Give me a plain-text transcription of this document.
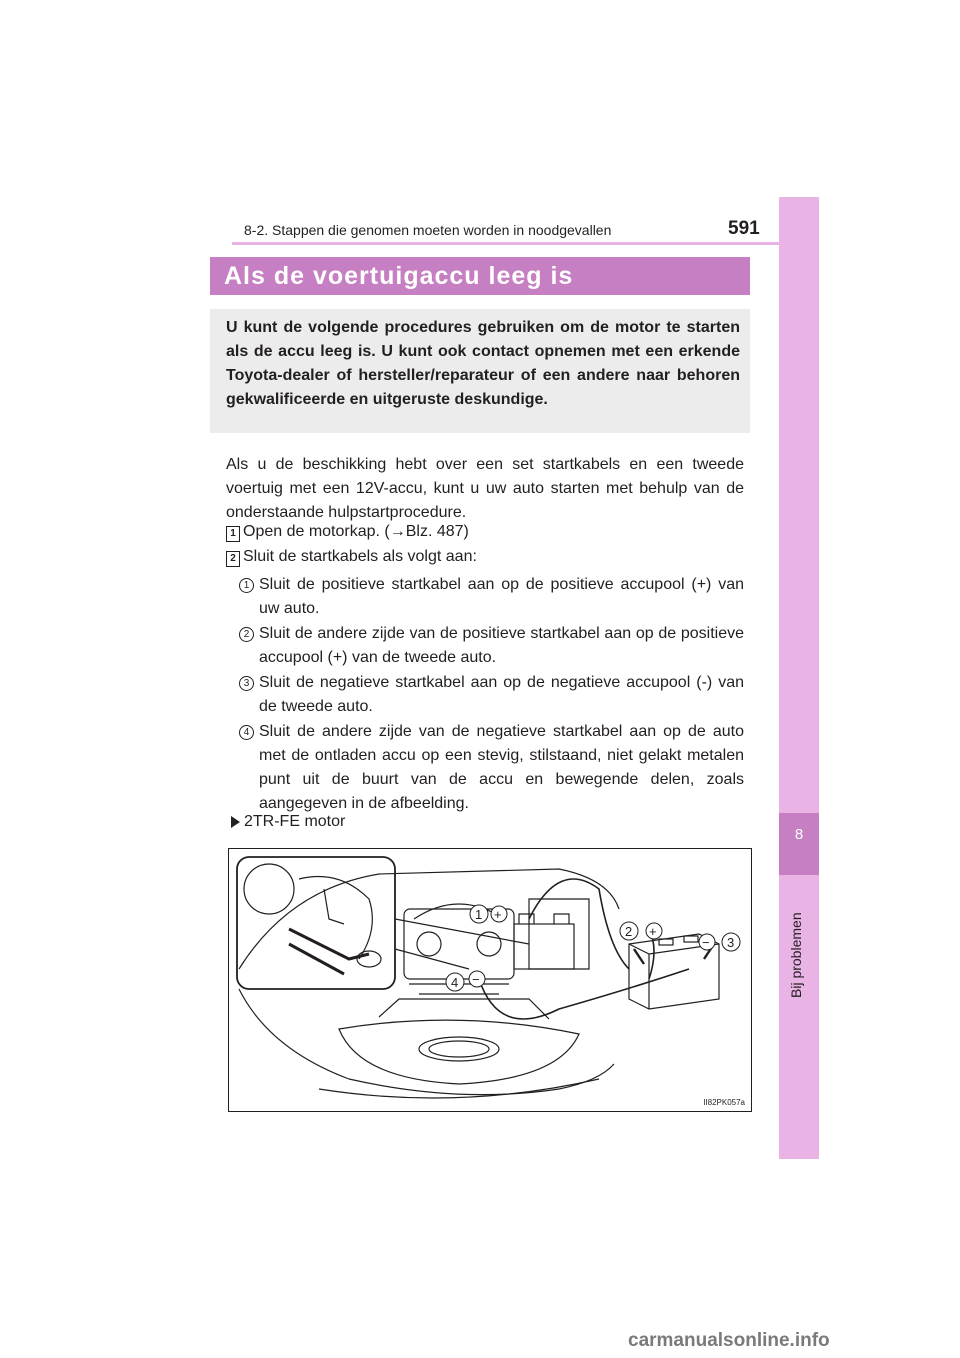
8
Bij problemen
8-2. Stappen die genomen moeten worden in noodgevallen	591
Als de voertuigaccu leeg is

U kunt de volgende procedures gebruiken om de motor te starten als de accu leeg is. U kunt ook contact opnemen met een erkende Toyota-dealer of hersteller/reparateur of een andere naar behoren gekwalificeerde en uitgeruste deskundige.

Als u de beschikking hebt over een set startkabels en een tweede voertuig met een 12V-accu, kunt u uw auto starten met behulp van de onderstaande hulpstartprocedure.
1 Open de motorkap. (→Blz. 487)
2 Sluit de startkabels als volgt aan:
1 Sluit de positieve startkabel aan op de positieve accupool (+) van uw auto.
2 Sluit de andere zijde van de positieve startkabel aan op de positieve accupool (+) van de tweede auto.
3 Sluit de negatieve startkabel aan op de negatieve accupool (-) van de tweede auto.
4 Sluit de andere zijde van de negatieve startkabel aan op de auto met de ontladen accu op een stevig, stilstaand, niet gelakt metalen punt uit de buurt van de accu en bewegende delen, zoals aangegeven in de afbeelding.
2TR-FE motor
1 +
2 +
− 3
4 −
II82PK057a
carmanualsonline.info
